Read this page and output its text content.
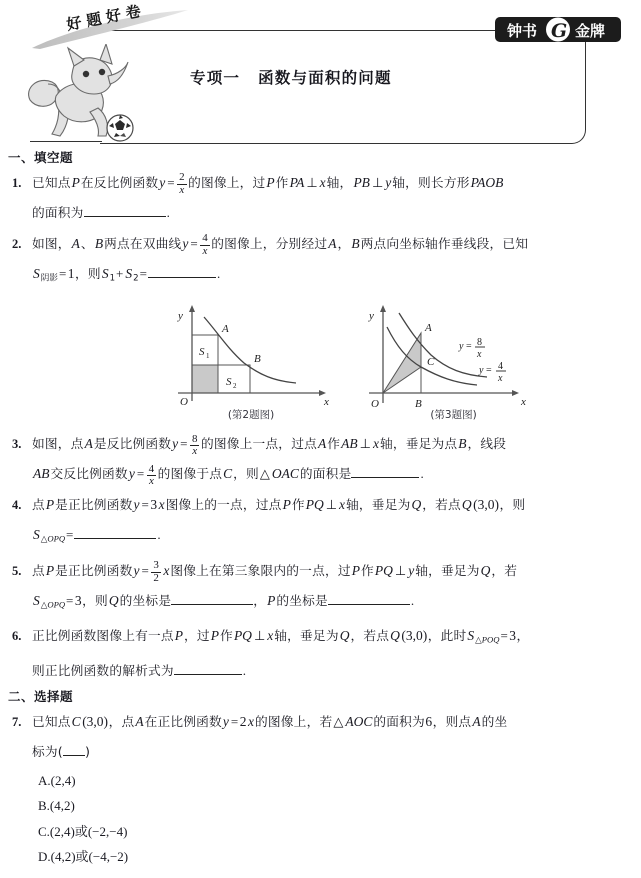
好题好卷
专项一 函数与面积的问题
钟书 G 金牌
一、填空题
1. 已知点P在反比例函数$y = \frac{2}{x}$ 的图像上，过P作PA ⊥ x轴，PB ⊥ y轴，则长方形PAOB
的面积为	.
2. 如图，A、B两点在双曲线$y = \frac{4}{x}$ 的图像上，分别经过A，B两点向坐标轴作垂线段，已知
$S_{阴影}= 1$，则$S_1+ S_2=$	.
y
x
O
A
B
S 1
S 2
(第2题图)
y
x
O
A
B
C
y = 8
x
y = 4
x
(第3题图)
3. 如图，点A是反比例函数$y = \frac{8}{x}$ 的图像上一点，过点A作AB ⊥ x轴，垂足为点B，线段
AB交反比例函数$y = \frac{4}{x}$ 的图像于点C，则△ OAC的面积是	.
4. 点P是正比例函数y = 3 x图像上的一点，过点P作PQ ⊥ x轴，垂足为Q，若点Q (3,0)，则
$S_\triangle OPQ=$	.
5. 点P是正比例函数$y = \frac{3}{2}$ x图像上在第三象限内的一点，过P作PQ ⊥ y轴，垂足为Q，若
$S_\triangle OPQ= 3$，则Q的坐标是	，P的坐标是	.
6. 正比例函数图像上有一点P，过P作PQ ⊥ x轴，垂足为Q，若点Q (3,0)，此时$S_\triangle POQ= 3$，
则正比例函数的解析式为	.
二、选择题
7. 已知点C (3,0)，点A在正比例函数y = 2 x的图像上，若△ AOC的面积为6，则点A的坐
标为( )
A.(2,4)
B.(4,2)
C.(2,4)或(−2,−4)
D.(4,2)或(−4,−2)
